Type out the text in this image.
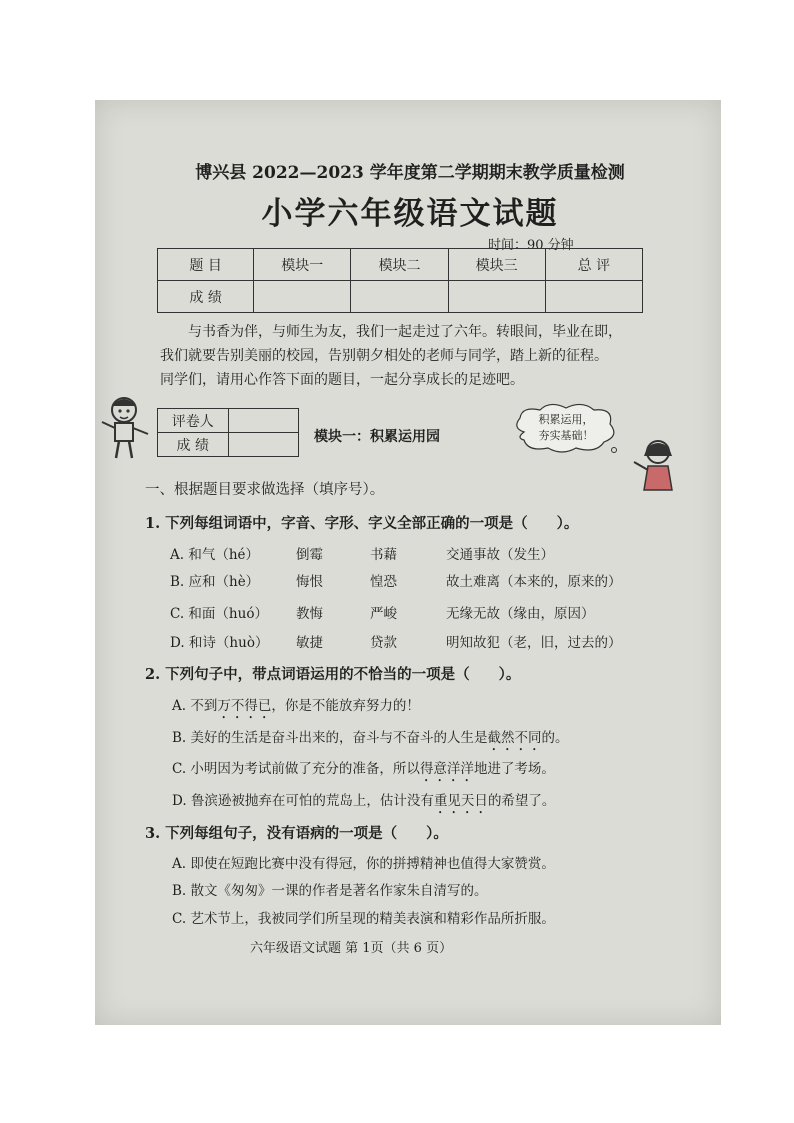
博兴县 2022—2023 学年度第二学期期末教学质量检测
小学六年级语文试题
时间：90 分钟
题 目	模块一	模块二	模块三	总 评
成 绩				

与书香为伴，与师生为友，我们一起走过了六年。转眼间，毕业在即，

我们就要告别美丽的校园，告别朝夕相处的老师与同学，踏上新的征程。

同学们，请用心作答下面的题目，一起分享成长的足迹吧。

评卷人	
成 绩	
模块一：积累运用园
积累运用，
夯实基础！
一、根据题目要求做选择（填序号）。
1. 下列每组词语中，字音、字形、字义全部正确的一项是（　　）。
A. 和气（hé）	倒霉	书藉	交通事故（发生）
B. 应和（hè）	悔恨	惶恐	故土难离（本来的，原来的）
C. 和面（huó） 教悔	严峻	无缘无故（缘由，原因）
D. 和诗（huò） 敏捷	贷款	明知故犯（老，旧，过去的）
2. 下列句子中，带点词语运用的不恰当的一项是（　　）。
A. 不到万不得已，你是不能放弃努力的！
B. 美好的生活是奋斗出来的，奋斗与不奋斗的人生是截然不同的。
C. 小明因为考试前做了充分的准备，所以得意洋洋地进了考场。
D. 鲁滨逊被抛弃在可怕的荒岛上，估计没有重见天日的希望了。
3. 下列每组句子，没有语病的一项是（　　）。
A. 即使在短跑比赛中没有得冠，你的拼搏精神也值得大家赞赏。
B. 散文《匆匆》一课的作者是著名作家朱自清写的。
C. 艺术节上，我被同学们所呈现的精美表演和精彩作品所折服。
六年级语文试题 第 1页（共 6 页）
